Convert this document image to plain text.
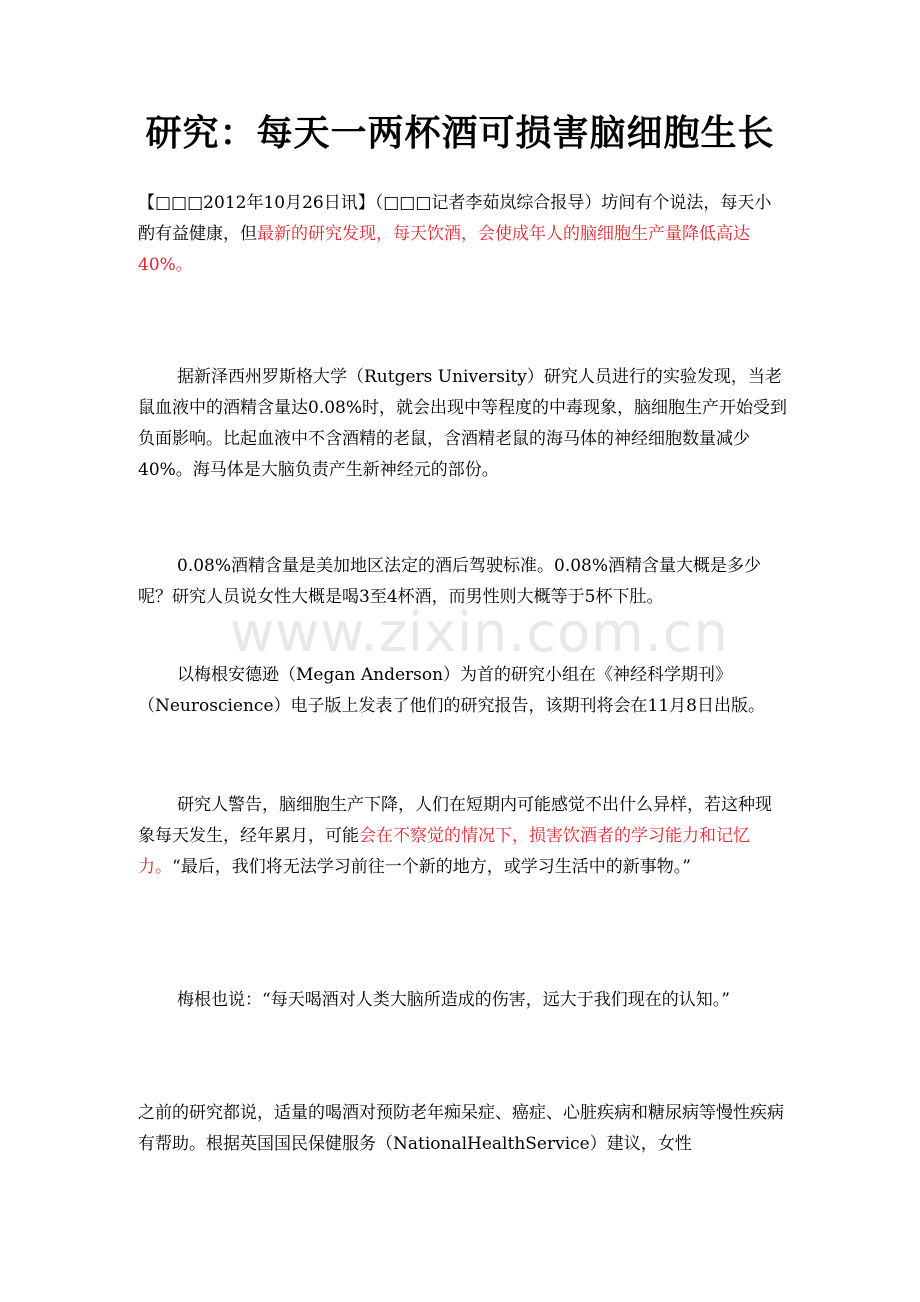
研究：每天一两杯酒可损害脑细胞生长

【□□□2012年10月26日讯】（□□□记者李茹岚综合报导）坊间有个说法，每天小酌有益健康，但最新的研究发现，每天饮酒，会使成年人的脑细胞生产量降低高达40%。

据新泽西州罗斯格大学（Rutgers University）研究人员进行的实验发现，当老鼠血液中的酒精含量达0.08%时，就会出现中等程度的中毒现象，脑细胞生产开始受到负面影响。比起血液中不含酒精的老鼠，含酒精老鼠的海马体的神经细胞数量减少40%。海马体是大脑负责产生新神经元的部份。

0.08%酒精含量是美加地区法定的酒后驾驶标准。0.08%酒精含量大概是多少呢？研究人员说女性大概是喝3至4杯酒，而男性则大概等于5杯下肚。

以梅根安德逊（Megan Anderson）为首的研究小组在《神经科学期刊》（Neuroscience）电子版上发表了他们的研究报告，该期刊将会在11月8日出版。

研究人警告，脑细胞生产下降，人们在短期内可能感觉不出什么异样，若这种现象每天发生，经年累月，可能会在不察觉的情况下，损害饮酒者的学习能力和记忆力。“最后，我们将无法学习前往一个新的地方，或学习生活中的新事物。”

梅根也说：“每天喝酒对人类大脑所造成的伤害，远大于我们现在的认知。”

之前的研究都说，适量的喝酒对预防老年痴呆症、癌症、心脏疾病和糖尿病等慢性疾病有帮助。根据英国国民保健服务（NationalHealthService）建议，女性

www.zixin.com.cn
